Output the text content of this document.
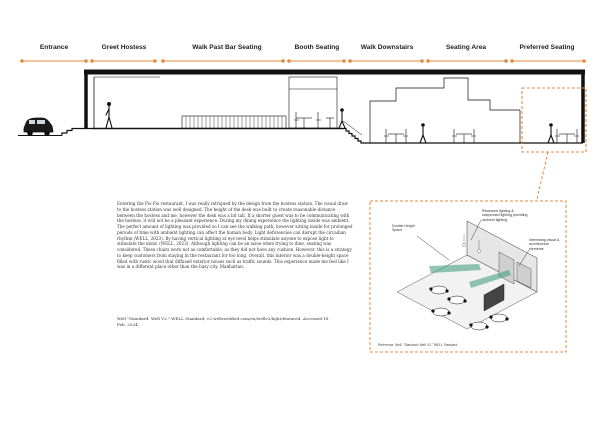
Entrance	Greet Hostess	Walk Past Bar Seating	Booth Seating	Walk Downstairs	Seating Area	Preferred Seating

Entering the Pio Pio restaurant, I was really intrigued by the design from the hostess station. The visual draw to the hostess station was well designed. The height of the desk was built to create reasonable distance between the hostess and me, however the desk was a bit tall. If a shorter guest was to be communicating with the hostess, it will not be a pleasant experience. During my dining experience the lighting inside was ambient. The perfect amount of lighting was provided so I can see the walking path, however sitting inside for prolonged periods of time with ambient lighting can affect the human body. Light deficiencies can disrupt the circadian rhythm (WELL, 2023). By having vertical lighting at eye level helps stimulate anyone to expose light to stimulate the mind. (WELL, 2023). Although lighting can be an issue when trying to dine, seating was considered. These chairs were not as comfortable, as they did not have any cushion. However, this is a strategy to keep customers from staying in the restaurant for too long. Overall, this interior was a double-height space filled with rustic wood that diffused exterior noises such as traffic sounds. This experience made me feel like I was in a different place other than the busy city, Manhattan.

Well "Standard: Well V2." WELL Standard, v2.wellcertified.com/en/wellv2/light/feature4. Accessed 18 Feb. 2024.

Double Height Space
Recessed lighting & suspended lighting providing ambient lighting
Interesting visual & architectural elements
Reference: Well. "Standard: Well V2." WELL Standard.
